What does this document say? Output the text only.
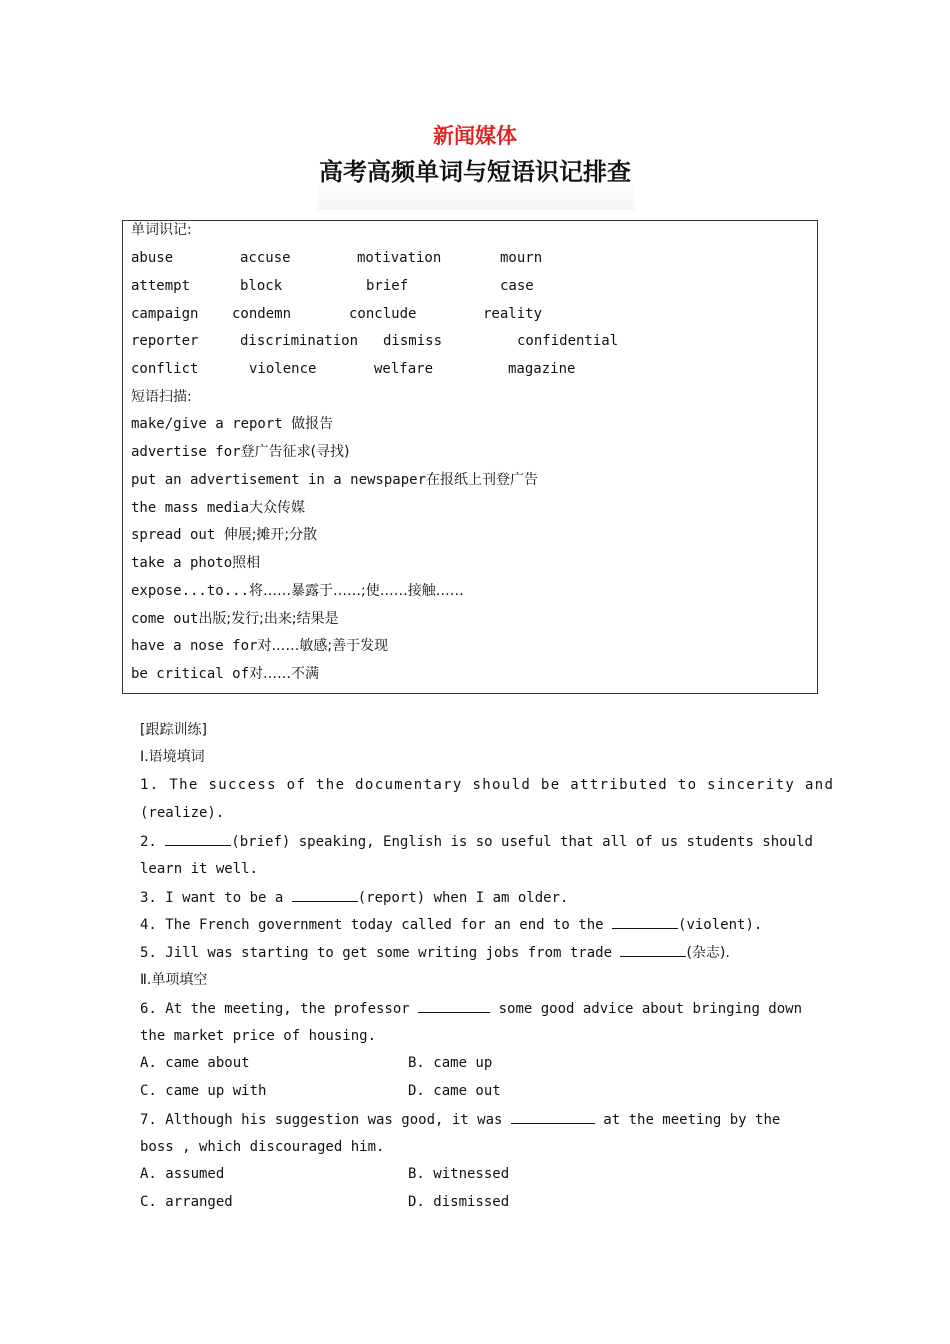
新闻媒体
高考高频单词与短语识记排查
单词识记:
abuse	accuse	motivation	mourn
attempt	block	brief	case
campaign condemn	conclude	reality
reporter	discrimination dismiss	confidential
conflict	violence	welfare	magazine
短语扫描:
make/give a report 做报告
advertise for登广告征求(寻找)
put an advertisement in a newspaper在报纸上刊登广告
the mass media大众传媒
spread out 伸展;摊开;分散
take a photo照相
expose...to...将……暴露于……;使……接触……
come out出版;发行;出来;结果是
have a nose for对……敏感;善于发现
be critical of对……不满
[跟踪训练]
Ⅰ.语境填词
1. The success of the documentary should be attributed to sincerity and
(realize).
2.	(brief) speaking, English is so useful that all of us students should
learn it well.
3. I want to be a	(report) when I am older.
4. The French government today called for an end to the	(violent).
5. Jill was starting to get some writing jobs from trade	(杂志).
Ⅱ.单项填空
6. At the meeting, the professor	some good advice about bringing down
the market price of housing.
A. came about	B. came up
C. came up with	D. came out
7. Although his suggestion was good, it was	at the meeting by the
boss , which discouraged him.
A. assumed	B. witnessed
C. arranged	D. dismissed
